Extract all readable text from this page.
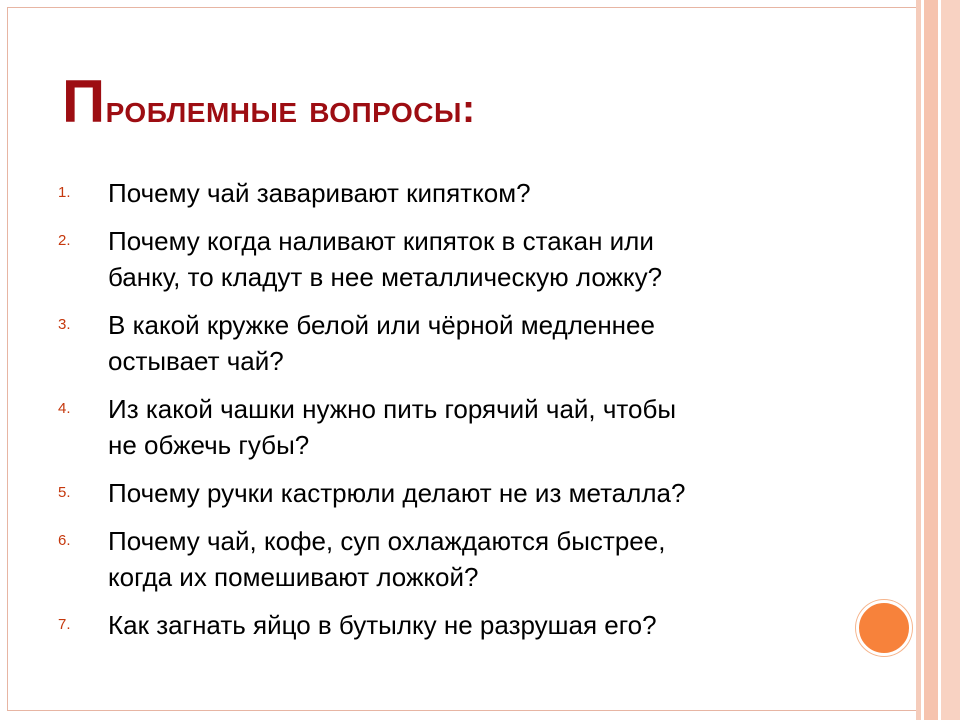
Проблемные вопросы:
1. Почему чай заваривают кипятком?
2. Почему когда наливают кипяток в стакан или
банку, то кладут в нее металлическую ложку?
3. В какой кружке белой или чёрной медленнее
остывает чай?
4. Из какой чашки нужно пить горячий чай, чтобы
не обжечь губы?
5. Почему ручки кастрюли делают не из металла?
6. Почему чай, кофе, суп охлаждаются быстрее,
когда их помешивают ложкой?
7. Как загнать яйцо в бутылку не разрушая его?
